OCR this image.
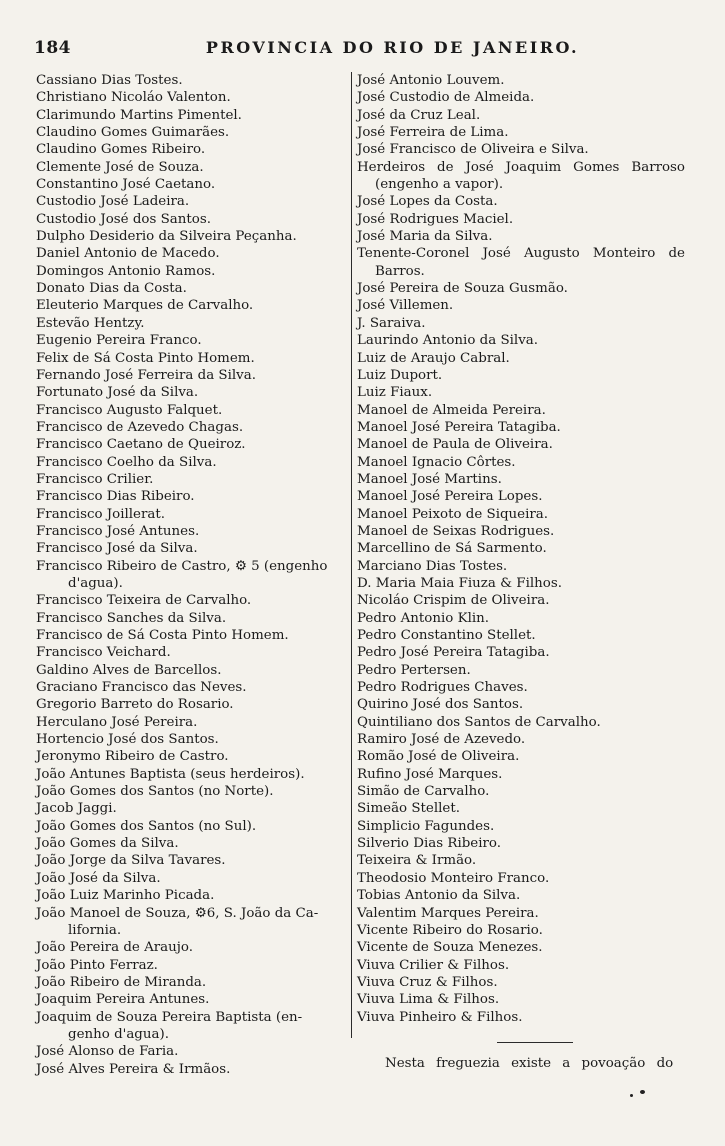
184	PROVINCIA DO RIO DE JANEIRO.
Cassiano Dias Tostes.
Christiano Nicoláo Valenton.
Clarimundo Martins Pimentel.
Claudino Gomes Guimarães.
Claudino Gomes Ribeiro.
Clemente José de Souza.
Constantino José Caetano.
Custodio José Ladeira.
Custodio José dos Santos.
Dulpho Desiderio da Silveira Peçanha.
Daniel Antonio de Macedo.
Domingos Antonio Ramos.
Donato Dias da Costa.
Eleuterio Marques de Carvalho.
Estevão Hentzy.
Eugenio Pereira Franco.
Felix de Sá Costa Pinto Homem.
Fernando José Ferreira da Silva.
Fortunato José da Silva.
Francisco Augusto Falquet.
Francisco de Azevedo Chagas.
Francisco Caetano de Queiroz.
Francisco Coelho da Silva.
Francisco Crilier.
Francisco Dias Ribeiro.
Francisco Joillerat.
Francisco José Antunes.
Francisco José da Silva.
Francisco Ribeiro de Castro, ⚙ 5 (engenho
d'agua).
Francisco Teixeira de Carvalho.
Francisco Sanches da Silva.
Francisco de Sá Costa Pinto Homem.
Francisco Veichard.
Galdino Alves de Barcellos.
Graciano Francisco das Neves.
Gregorio Barreto do Rosario.
Herculano José Pereira.
Hortencio José dos Santos.
Jeronymo Ribeiro de Castro.
João Antunes Baptista (seus herdeiros).
João Gomes dos Santos (no Norte).
Jacob Jaggi.
João Gomes dos Santos (no Sul).
João Gomes da Silva.
João Jorge da Silva Tavares.
João José da Silva.
João Luiz Marinho Picada.
João Manoel de Souza, ⚙6, S. João da Ca-
lifornia.
João Pereira de Araujo.
João Pinto Ferraz.
João Ribeiro de Miranda.
Joaquim Pereira Antunes.
Joaquim de Souza Pereira Baptista (en-
genho d'agua).
José Alonso de Faria.
José Alves Pereira & Irmãos.
José Antonio Louvem.
José Custodio de Almeida.
José da Cruz Leal.
José Ferreira de Lima.
José Francisco de Oliveira e Silva.
Herdeiros de José Joaquim Gomes Barroso (engenho a vapor).
José Lopes da Costa.
José Rodrigues Maciel.
José Maria da Silva.
Tenente-Coronel José Augusto Monteiro de Barros.
José Pereira de Souza Gusmão.
José Villemen.
J. Saraiva.
Laurindo Antonio da Silva.
Luiz de Araujo Cabral.
Luiz Duport.
Luiz Fiaux.
Manoel de Almeida Pereira.
Manoel José Pereira Tatagiba.
Manoel de Paula de Oliveira.
Manoel Ignacio Côrtes.
Manoel José Martins.
Manoel José Pereira Lopes.
Manoel Peixoto de Siqueira.
Manoel de Seixas Rodrigues.
Marcellino de Sá Sarmento.
Marciano Dias Tostes.
D. Maria Maia Fiuza & Filhos.
Nicoláo Crispim de Oliveira.
Pedro Antonio Klin.
Pedro Constantino Stellet.
Pedro José Pereira Tatagiba.
Pedro Pertersen.
Pedro Rodrigues Chaves.
Quirino José dos Santos.
Quintiliano dos Santos de Carvalho.
Ramiro José de Azevedo.
Romão José de Oliveira.
Rufino José Marques.
Simão de Carvalho.
Simeão Stellet.
Simplicio Fagundes.
Silverio Dias Ribeiro.
Teixeira & Irmão.
Theodosio Monteiro Franco.
Tobias Antonio da Silva.
Valentim Marques Pereira.
Vicente Ribeiro do Rosario.
Vicente de Souza Menezes.
Viuva Crilier & Filhos.
Viuva Cruz & Filhos.
Viuva Lima & Filhos.
Viuva Pinheiro & Filhos.
Nesta freguezia existe a povoação do
